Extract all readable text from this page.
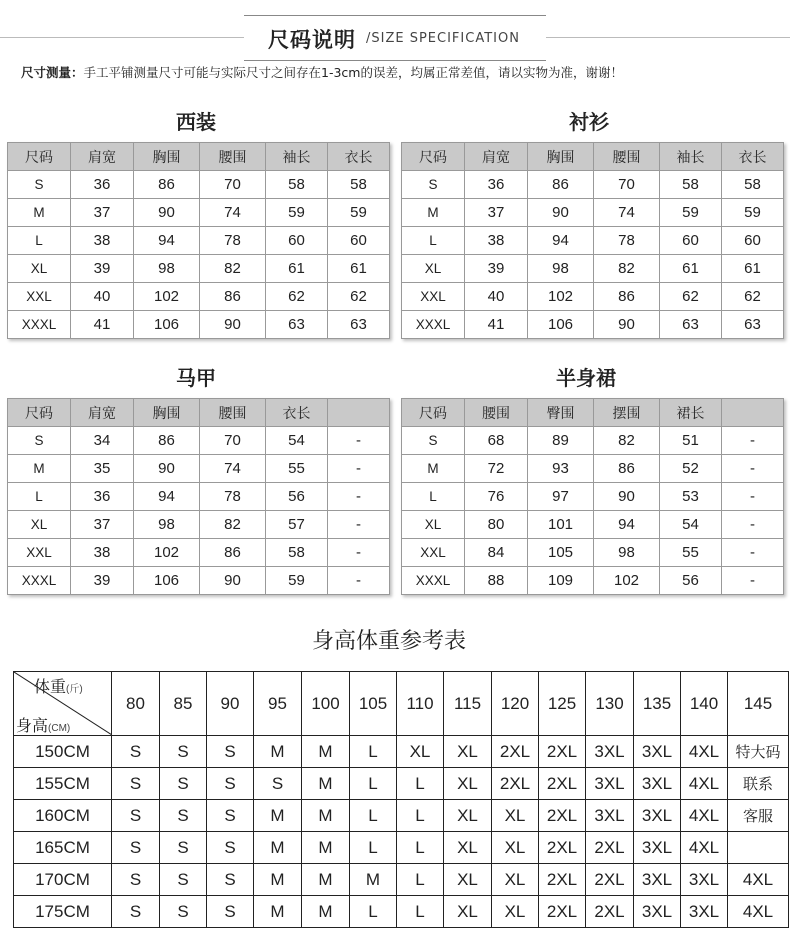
尺码说明 /SIZE SPECIFICATION
尺寸测量：手工平铺测量尺寸可能与实际尺寸之间存在1-3cm的误差，均属正常差值，请以实物为准，谢谢！
西装	衬衫
马甲	半身裙
尺码	肩宽	胸围	腰围	袖长	衣长
S	36	86	70	58	58
M	37	90	74	59	59
L	38	94	78	60	60
XL	39	98	82	61	61
XXL	40	102	86	62	62
XXXL	41	106	90	63	63
尺码	肩宽	胸围	腰围	袖长	衣长
S	36	86	70	58	58
M	37	90	74	59	59
L	38	94	78	60	60
XL	39	98	82	61	61
XXL	40	102	86	62	62
XXXL	41	106	90	63	63
尺码	肩宽	胸围	腰围	衣长	
S	34	86	70	54	-
M	35	90	74	55	-
L	36	94	78	56	-
XL	37	98	82	57	-
XXL	38	102	86	58	-
XXXL	39	106	90	59	-
尺码	腰围	臀围	摆围	裙长	
S	68	89	82	51	-
M	72	93	86	52	-
L	76	97	90	53	-
XL	80	101	94	54	-
XXL	84	105	98	55	-
XXXL	88	109	102	56	-
身高体重参考表
体重(斤)
身高(CM)	80	85	90	95	100	105	110	115	120	125	130	135	140	145
150CM	S	S	S	M	M	L	XL	XL	2XL	2XL	3XL	3XL	4XL	特大码
155CM	S	S	S	S	M	L	L	XL	2XL	2XL	3XL	3XL	4XL	联系
160CM	S	S	S	M	M	L	L	XL	XL	2XL	3XL	3XL	4XL	客服
165CM	S	S	S	M	M	L	L	XL	XL	2XL	2XL	3XL	4XL	
170CM	S	S	S	M	M	M	L	XL	XL	2XL	2XL	3XL	3XL	4XL
175CM	S	S	S	M	M	L	L	XL	XL	2XL	2XL	3XL	3XL	4XL
